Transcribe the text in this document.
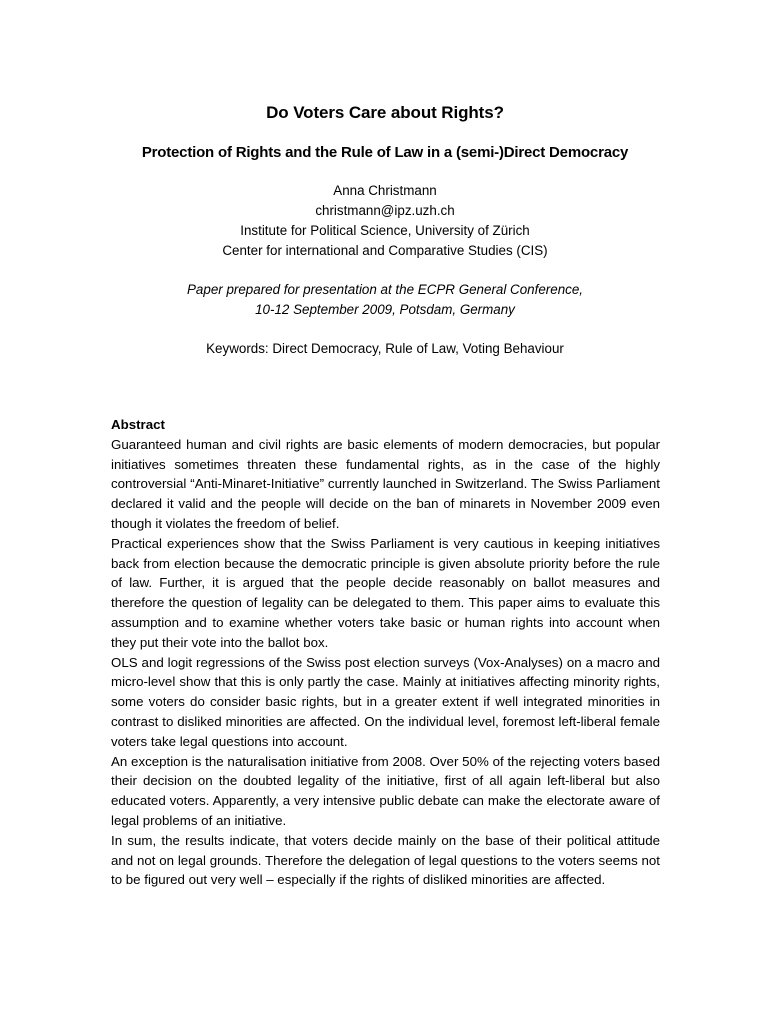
Do Voters Care about Rights?
Protection of Rights and the Rule of Law in a (semi-)Direct Democracy
Anna Christmann
christmann@ipz.uzh.ch
Institute for Political Science, University of Zürich
Center for international and Comparative Studies (CIS)
Paper prepared for presentation at the ECPR General Conference,
10-12 September 2009, Potsdam, Germany
Keywords: Direct Democracy, Rule of Law, Voting Behaviour
Abstract

Guaranteed human and civil rights are basic elements of modern democracies, but popular initiatives sometimes threaten these fundamental rights, as in the case of the highly controversial “Anti-Minaret-Initiative” currently launched in Switzerland. The Swiss Parliament declared it valid and the people will decide on the ban of minarets in November 2009 even though it violates the freedom of belief.

Practical experiences show that the Swiss Parliament is very cautious in keeping initiatives back from election because the democratic principle is given absolute priority before the rule of law. Further, it is argued that the people decide reasonably on ballot measures and therefore the question of legality can be delegated to them. This paper aims to evaluate this assumption and to examine whether voters take basic or human rights into account when they put their vote into the ballot box.

OLS and logit regressions of the Swiss post election surveys (Vox-Analyses) on a macro and micro-level show that this is only partly the case. Mainly at initiatives affecting minority rights, some voters do consider basic rights, but in a greater extent if well integrated minorities in contrast to disliked minorities are affected. On the individual level, foremost left-liberal female voters take legal questions into account.

An exception is the naturalisation initiative from 2008. Over 50% of the rejecting voters based their decision on the doubted legality of the initiative, first of all again left-liberal but also educated voters. Apparently, a very intensive public debate can make the electorate aware of legal problems of an initiative.

In sum, the results indicate, that voters decide mainly on the base of their political attitude and not on legal grounds. Therefore the delegation of legal questions to the voters seems not to be figured out very well – especially if the rights of disliked minorities are affected.
